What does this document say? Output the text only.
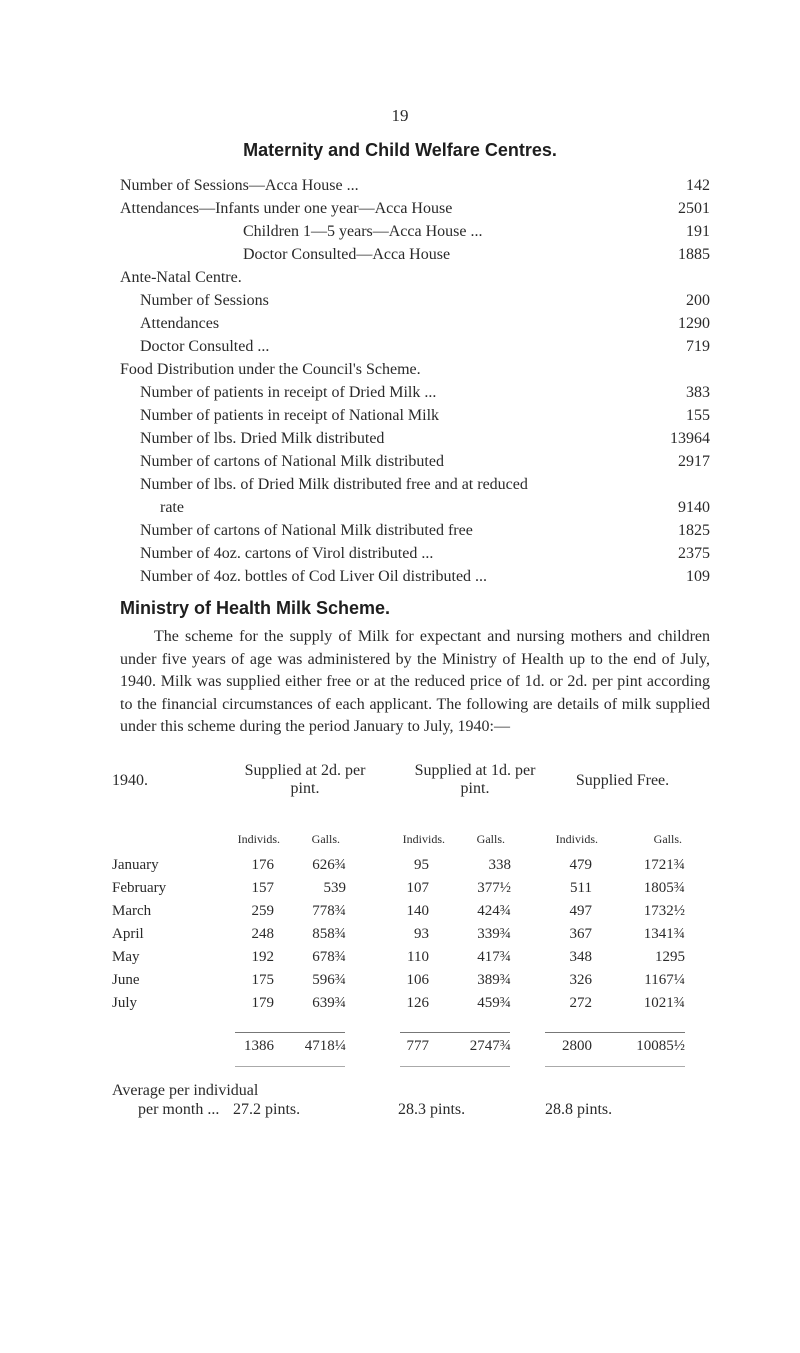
19
Maternity and Child Welfare Centres.
Number of Sessions—Acca House ...	142
Attendances—Infants under one year—Acca House	2501
Children 1—5 years—Acca House ...	191
Doctor Consulted—Acca House	1885
Ante-Natal Centre.
Number of Sessions	200
Attendances	1290
Doctor Consulted ...	719
Food Distribution under the Council's Scheme.
Number of patients in receipt of Dried Milk ...	383
Number of patients in receipt of National Milk	155
Number of lbs. Dried Milk distributed	13964
Number of cartons of National Milk distributed	2917
Number of lbs. of Dried Milk distributed free and at reduced
rate	9140
Number of cartons of National Milk distributed free	1825
Number of 4oz. cartons of Virol distributed ...	2375
Number of 4oz. bottles of Cod Liver Oil distributed ...	109
Ministry of Health Milk Scheme.
The scheme for the supply of Milk for expectant and nursing mothers and children under five years of age was administered by the Ministry of Health up to the end of July, 1940. Milk was supplied either free or at the reduced price of 1d. or 2d. per pint according to the financial circumstances of each applicant. The following are details of milk supplied under this scheme during the period January to July, 1940:—
1940.
Supplied at 2d. per pint.
Supplied at 1d. per pint.	Supplied Free.
Individs.	Galls.	Individs.	Galls.	Individs.	Galls.
January	176	626¾	95	338	479	1721¾
February	157	539	107	377½	511	1805¾
March	259	778¾	140	424¾	497	1732½
April	248	858¾	93	339¾	367	1341¾
May	192	678¾	110	417¾	348	1295
June	175	596¾	106	389¾	326	1167¼
July	179	639¾	126	459¾	272	1021¾
1386	4718¼	777	2747¾	2800	10085½
Average per individual
per month ... 27.2 pints.	28.3 pints.	28.8 pints.
